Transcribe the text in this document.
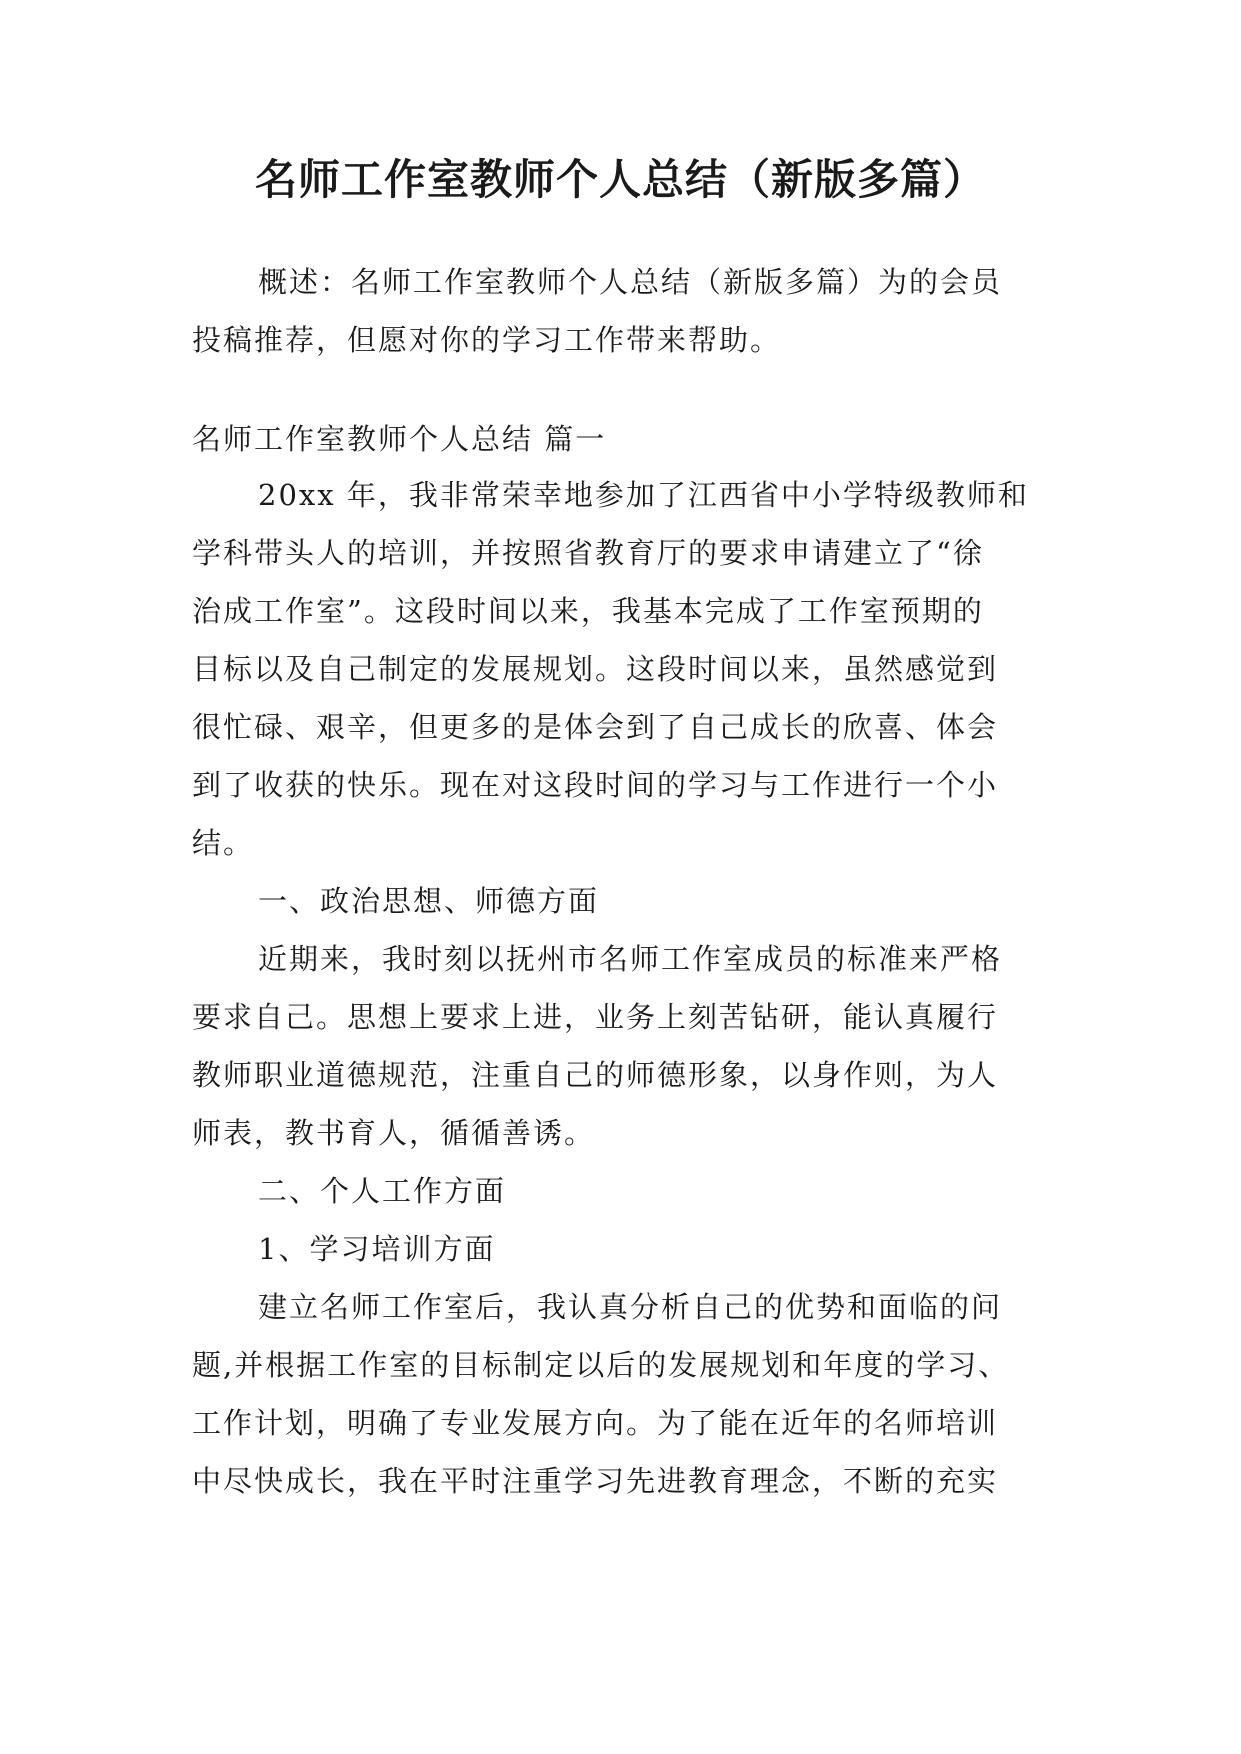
名师工作室教师个人总结（新版多篇）
概述：名师工作室教师个人总结（新版多篇）为的会员
投稿推荐，但愿对你的学习工作带来帮助。
名师工作室教师个人总结 篇一
20xx 年，我非常荣幸地参加了江西省中小学特级教师和
学科带头人的培训，并按照省教育厅的要求申请建立了“徐
治成工作室”。这段时间以来，我基本完成了工作室预期的
目标以及自己制定的发展规划。这段时间以来，虽然感觉到
很忙碌、艰辛，但更多的是体会到了自己成长的欣喜、体会
到了收获的快乐。现在对这段时间的学习与工作进行一个小
结。
一、政治思想、师德方面
近期来，我时刻以抚州市名师工作室成员的标准来严格
要求自己。思想上要求上进，业务上刻苦钻研，能认真履行
教师职业道德规范，注重自己的师德形象，以身作则，为人
师表，教书育人，循循善诱。
二、个人工作方面
1、学习培训方面
建立名师工作室后，我认真分析自己的优势和面临的问
题,并根据工作室的目标制定以后的发展规划和年度的学习、
工作计划，明确了专业发展方向。为了能在近年的名师培训
中尽快成长，我在平时注重学习先进教育理念，不断的充实
